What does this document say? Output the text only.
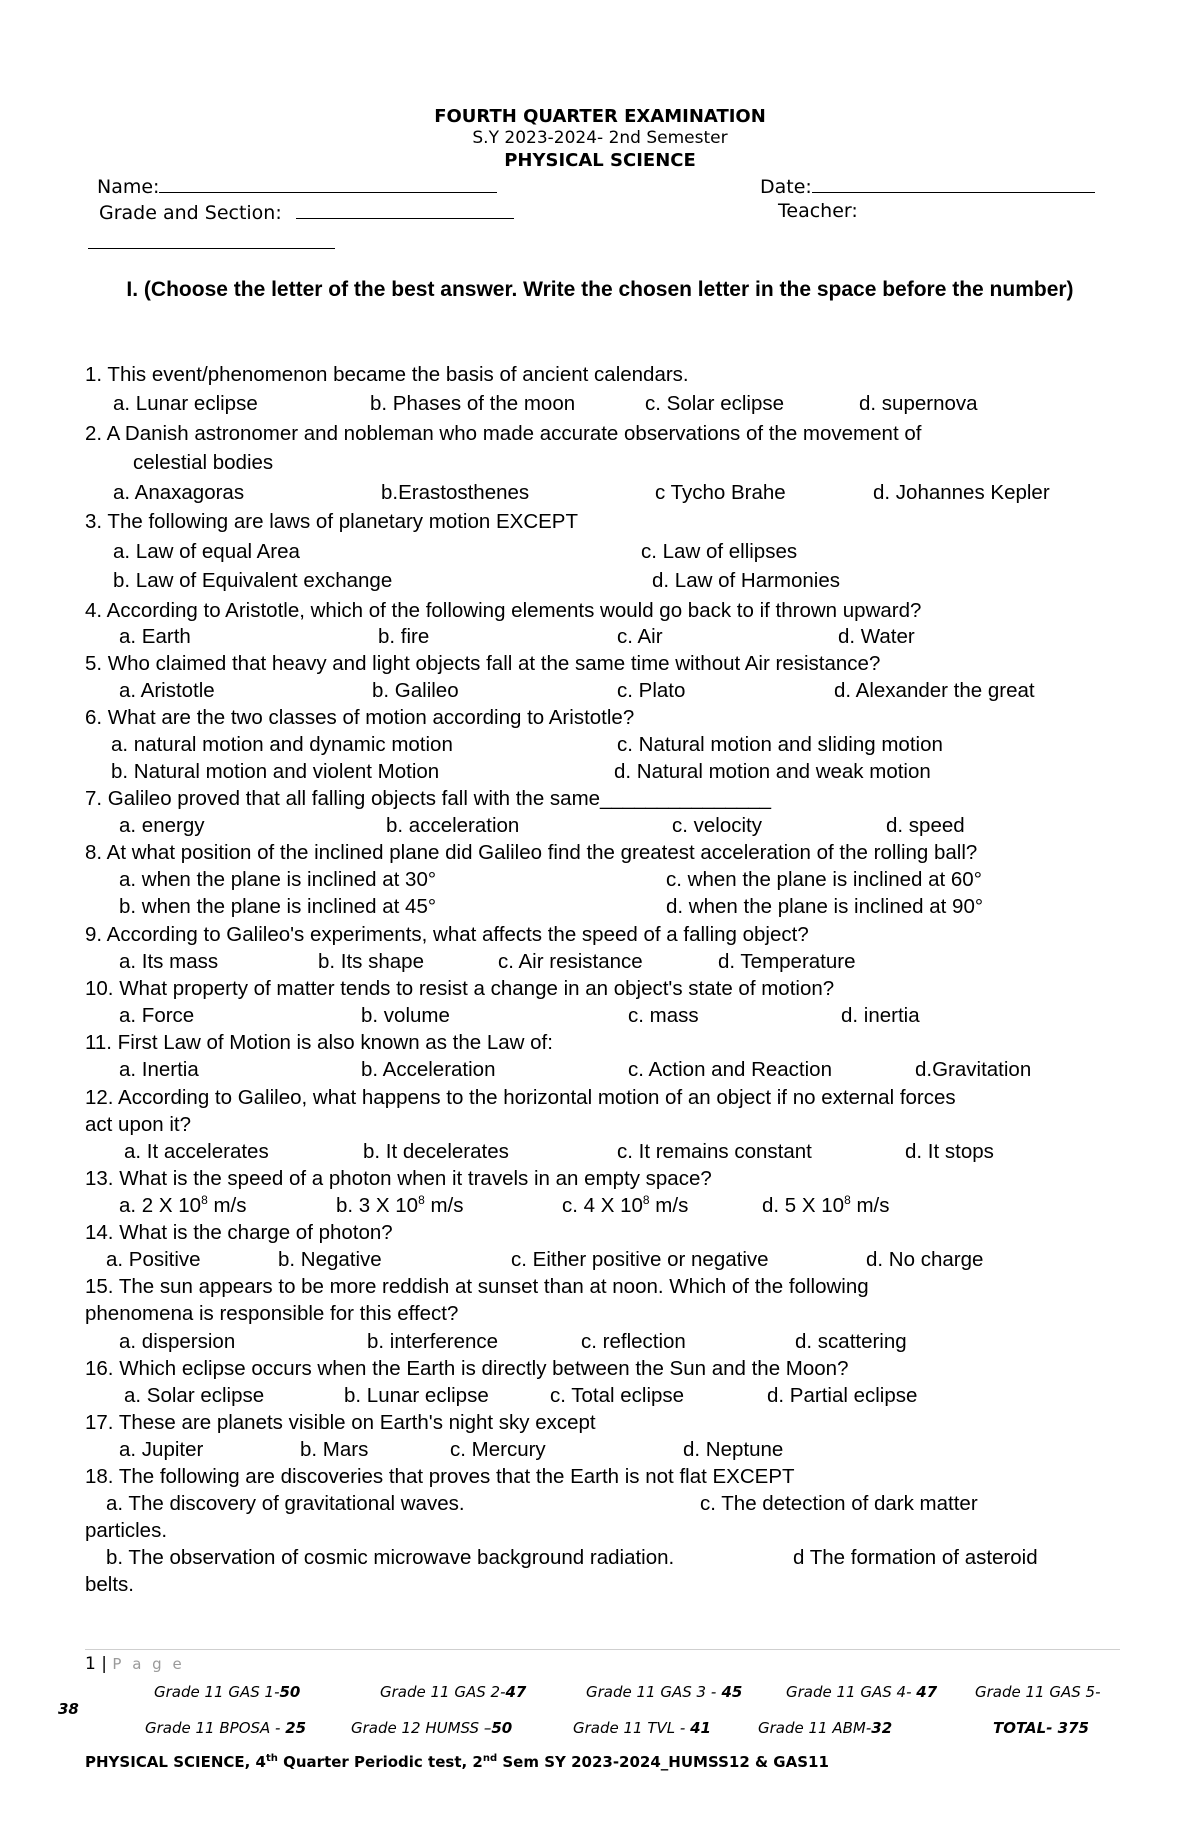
FOURTH QUARTER EXAMINATION
S.Y 2023-2024- 2nd Semester
PHYSICAL SCIENCE
Name:	Date:
Grade and Section:	Teacher:
I. (Choose the letter of the best answer. Write the chosen letter in the space before the number)
1. This event/phenomenon became the basis of ancient calendars.
a. Lunar eclipse	b. Phases of the moon	c. Solar eclipse	d. supernova
2. A Danish astronomer and nobleman who made accurate observations of the movement of
celestial bodies
a. Anaxagoras	b.Erastosthenes	c Tycho Brahe	d. Johannes Kepler
3. The following are laws of planetary motion EXCEPT
a. Law of equal Area	c. Law of ellipses
b. Law of Equivalent exchange	d. Law of Harmonies
4. According to Aristotle, which of the following elements would go back to if thrown upward?
a. Earth	b. fire	c. Air	d. Water
5. Who claimed that heavy and light objects fall at the same time without Air resistance?
a. Aristotle	b. Galileo	c. Plato	d. Alexander the great
6. What are the two classes of motion according to Aristotle?
a. natural motion and dynamic motion	c. Natural motion and sliding motion
b. Natural motion and violent Motion	d. Natural motion and weak motion
7. Galileo proved that all falling objects fall with the same_______________
a. energy	b. acceleration	c. velocity	d. speed
8. At what position of the inclined plane did Galileo find the greatest acceleration of the rolling ball?
a. when the plane is inclined at 30°	c. when the plane is inclined at 60°
b. when the plane is inclined at 45°	d. when the plane is inclined at 90°
9. According to Galileo's experiments, what affects the speed of a falling object?
a. Its mass	b. Its shape	c. Air resistance	d. Temperature
10. What property of matter tends to resist a change in an object's state of motion?
a. Force	b. volume	c. mass	d. inertia
11. First Law of Motion is also known as the Law of:
a. Inertia	b. Acceleration	c. Action and Reaction	d.Gravitation
12. According to Galileo, what happens to the horizontal motion of an object if no external forces
act upon it?
a. It accelerates	b. It decelerates	c. It remains constant	d. It stops
13. What is the speed of a photon when it travels in an empty space?
a. 2 X $10^8$ m/s	b. 3 X $10^8$ m/s	c. 4 X $10^8$ m/s	d. 5 X $10^8$ m/s
14. What is the charge of photon?
a. Positive	b. Negative	c. Either positive or negative	d. No charge
15. The sun appears to be more reddish at sunset than at noon. Which of the following
phenomena is responsible for this effect?
a. dispersion	b. interference	c. reflection	d. scattering
16. Which eclipse occurs when the Earth is directly between the Sun and the Moon?
a. Solar eclipse	b. Lunar eclipse	c. Total eclipse	d. Partial eclipse
17. These are planets visible on Earth's night sky except
a. Jupiter	b. Mars	c. Mercury	d. Neptune
18. The following are discoveries that proves that the Earth is not flat EXCEPT
a. The discovery of gravitational waves.	c. The detection of dark matter
particles.
b. The observation of cosmic microwave background radiation.	d The formation of asteroid
belts.
1 | P a g e
Grade 11 GAS 1-50	Grade 11 GAS 2-47	Grade 11 GAS 3 - 45	Grade 11 GAS 4- 47	Grade 11 GAS 5-
38
Grade 11 BPOSA - 25	Grade 12 HUMSS –50	Grade 11 TVL - 41	Grade 11 ABM-32	TOTAL- 375
PHYSICAL SCIENCE, 4th Quarter Periodic test, 2nd Sem SY 2023-2024_HUMSS12 & GAS11
